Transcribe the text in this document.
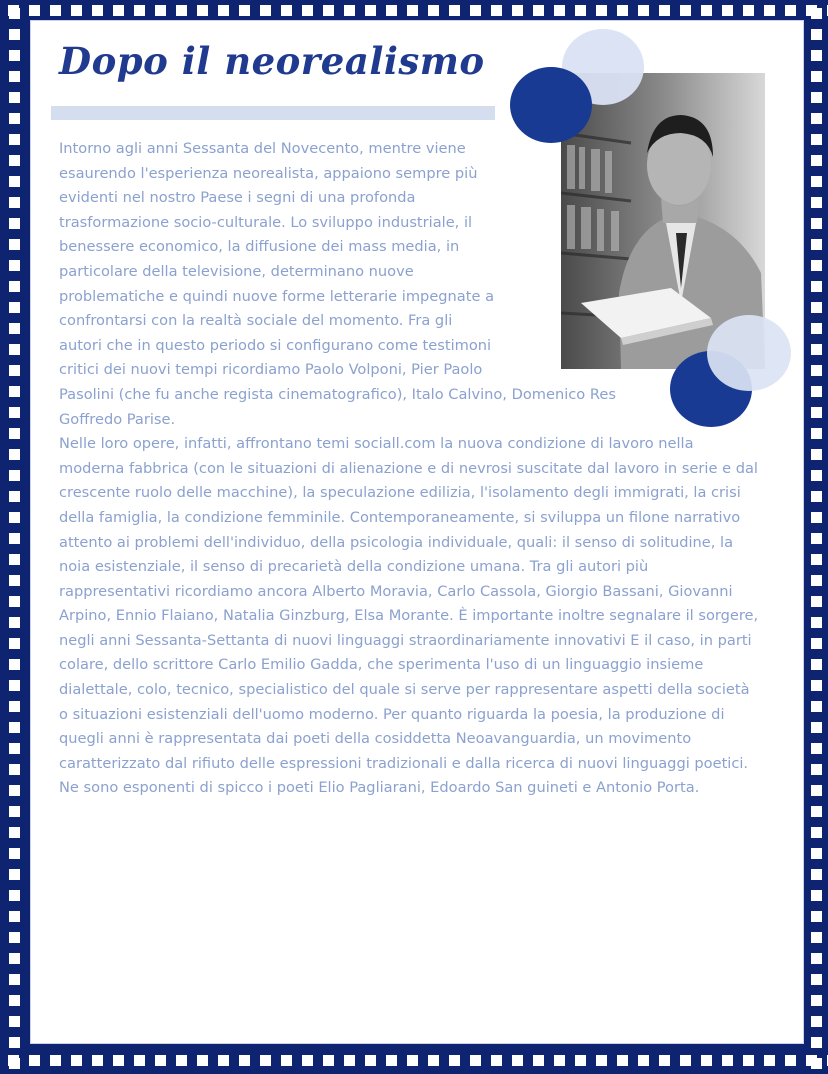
Dopo il neorealismo

Intorno agli anni Sessanta del Novecento, mentre viene
esaurendo l'esperienza neorealista, appaiono sempre più
evidenti nel nostro Paese i segni di una profonda
trasformazione socio-culturale. Lo sviluppo industriale, il
benessere economico, la diffusione dei mass media, in
particolare della televisione, determinano nuove
problematiche e quindi nuove forme letterarie impegnate a
confrontarsi con la realtà sociale del momento. Fra gli
autori che in questo periodo si configurano come testimoni
critici dei nuovi tempi ricordiamo Paolo Volponi, Pier Paolo

Pasolini (che fu anche regista cinematografico), Italo Calvino, Domenico Res Goffredo Parise.

Nelle loro opere, infatti, affrontano temi sociall.com la nuova condizione di lavoro nella moderna fabbrica (con le situazioni di alienazione e di nevrosi suscitate dal lavoro in serie e dal crescente ruolo delle macchine), la speculazione edilizia, l'isolamento degli immigrati, la crisi della famiglia, la condizione femminile. Contemporaneamente, si sviluppa un filone narrativo attento ai problemi dell'individuo, della psicologia individuale, quali: il senso di solitudine, la noia esistenziale, il senso di precarietà della condizione umana. Tra gli autori più rappresentativi ricordiamo ancora Alberto Moravia, Carlo Cassola, Giorgio Bassani, Giovanni Arpino, Ennio Flaiano, Natalia Ginzburg, Elsa Morante. È importante inoltre segnalare il sorgere, negli anni Sessanta-Settanta di nuovi linguaggi straordinariamente innovativi E il caso, in parti colare, dello scrittore Carlo Emilio Gadda, che sperimenta l'uso di un linguaggio insieme dialettale, colo, tecnico, specialistico del quale si serve per rappresentare aspetti della società o situazioni esistenziali dell'uomo moderno. Per quanto riguarda la poesia, la produzione di quegli anni è rappresentata dai poeti della cosiddetta Neoavanguardia, un movimento caratterizzato dal rifiuto delle espressioni tradizionali e dalla ricerca di nuovi linguaggi poetici. Ne sono esponenti di spicco i poeti Elio Pagliarani, Edoardo San guineti e Antonio Porta.
